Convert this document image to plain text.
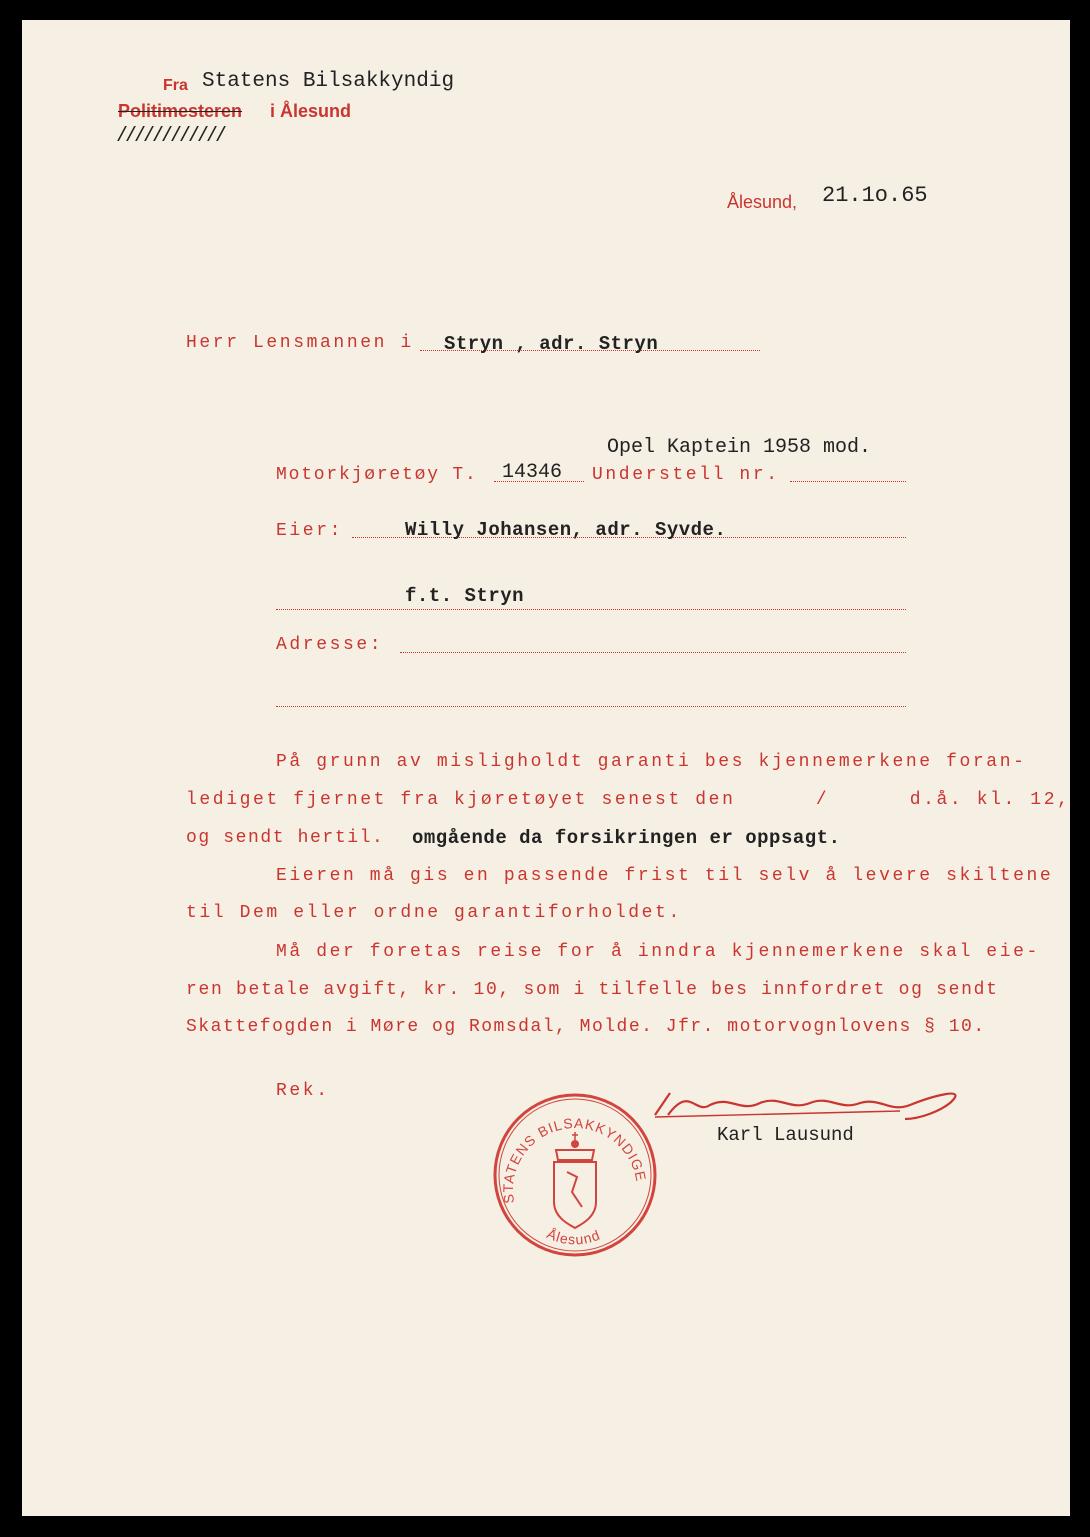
Fra Statens Bilsakkyndig
Politimesteren i Ålesund
////////////
Ålesund, 21.1o.65
Herr Lensmannen i Stryn , adr. Stryn
Opel Kaptein 1958 mod.
Motorkjøretøy T. 14346 Understell nr.
Eier:	Willy Johansen, adr. Syvde.
f.t. Stryn
Adresse:
På grunn av misligholdt garanti bes kjennemerkene foran-
lediget fjernet fra kjøretøyet senest den      /      d.å. kl. 12,
og sendt hertil. omgående da forsikringen er oppsagt.
Eieren må gis en passende frist til selv å levere skiltene
til Dem eller ordne garantiforholdet.
Må der foretas reise for å inndra kjennemerkene skal eie-
ren betale avgift, kr. 10, som i tilfelle bes innfordret og sendt
Skattefogden i Møre og Romsdal, Molde. Jfr. motorvognlovens § 10.
Rek.
Karl Lausund
STATENS BILSAKKYNDIGE
Ålesund
